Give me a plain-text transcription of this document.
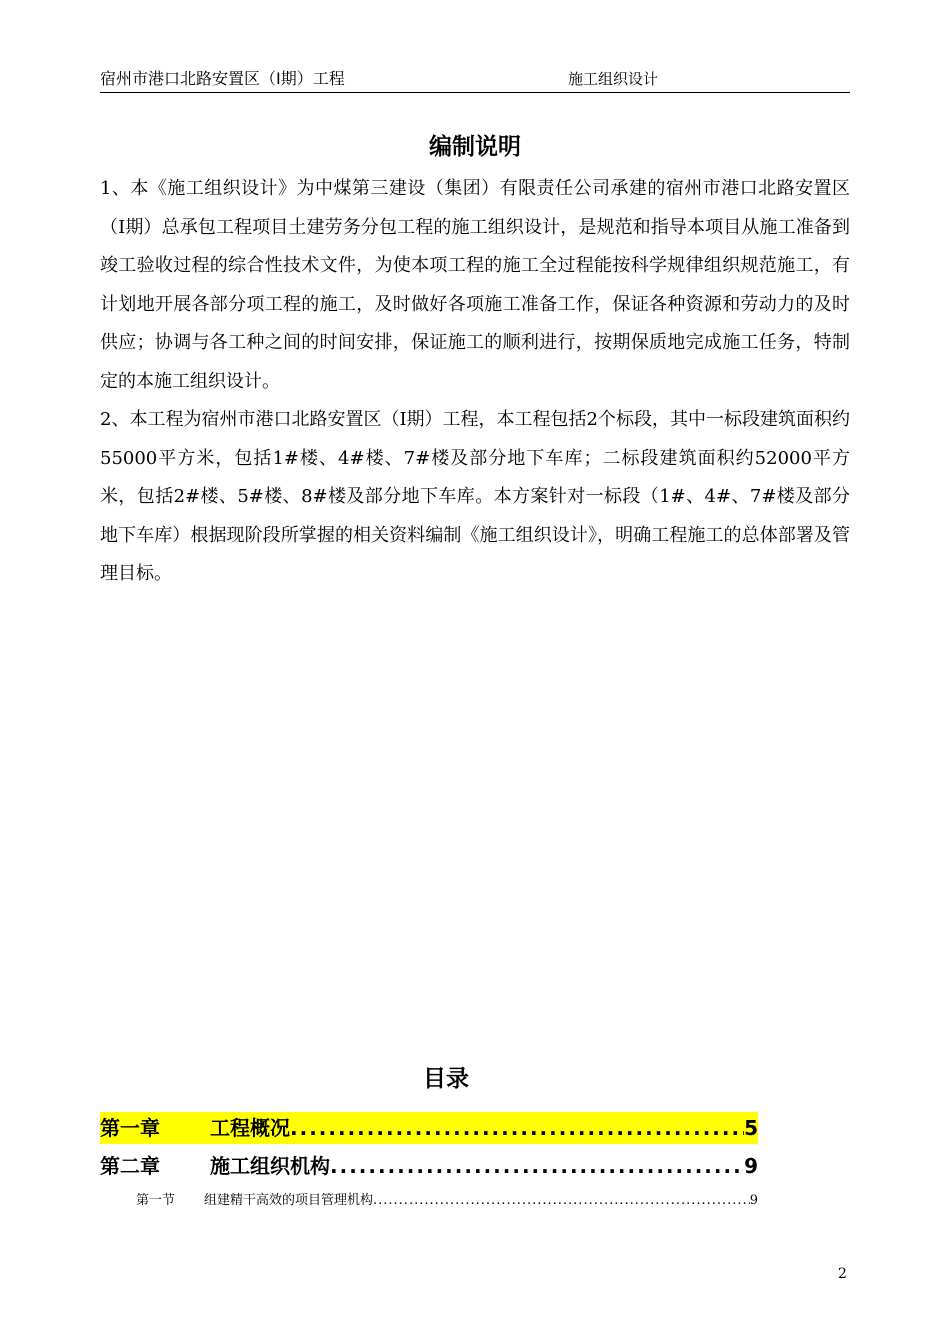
宿州市港口北路安置区（I期）工程	施工组织设计
编制说明

1、本《施工组织设计》为中煤第三建设（集团）有限责任公司承建的宿州市港口北路安置区（I期）总承包工程项目土建劳务分包工程的施工组织设计，是规范和指导本项目从施工准备到竣工验收过程的综合性技术文件，为使本项工程的施工全过程能按科学规律组织规范施工，有计划地开展各部分项工程的施工，及时做好各项施工准备工作，保证各种资源和劳动力的及时供应；协调与各工种之间的时间安排，保证施工的顺利进行，按期保质地完成施工任务，特制定的本施工组织设计。

2、本工程为宿州市港口北路安置区（I期）工程，本工程包括2个标段，其中一标段建筑面积约55000平方米，包括1#楼、4#楼、7#楼及部分地下车库；二标段建筑面积约52000平方米，包括2#楼、5#楼、8#楼及部分地下车库。本方案针对一标段（1#、4#、7#楼及部分地下车库）根据现阶段所掌握的相关资料编制《施工组织设计》，明确工程施工的总体部署及管理目标。

目录
第一章	工程概况 .....	5
第二章	施工组织机构 .....	9
第一节	组建精干高效的项目管理机构 .....	9
2
